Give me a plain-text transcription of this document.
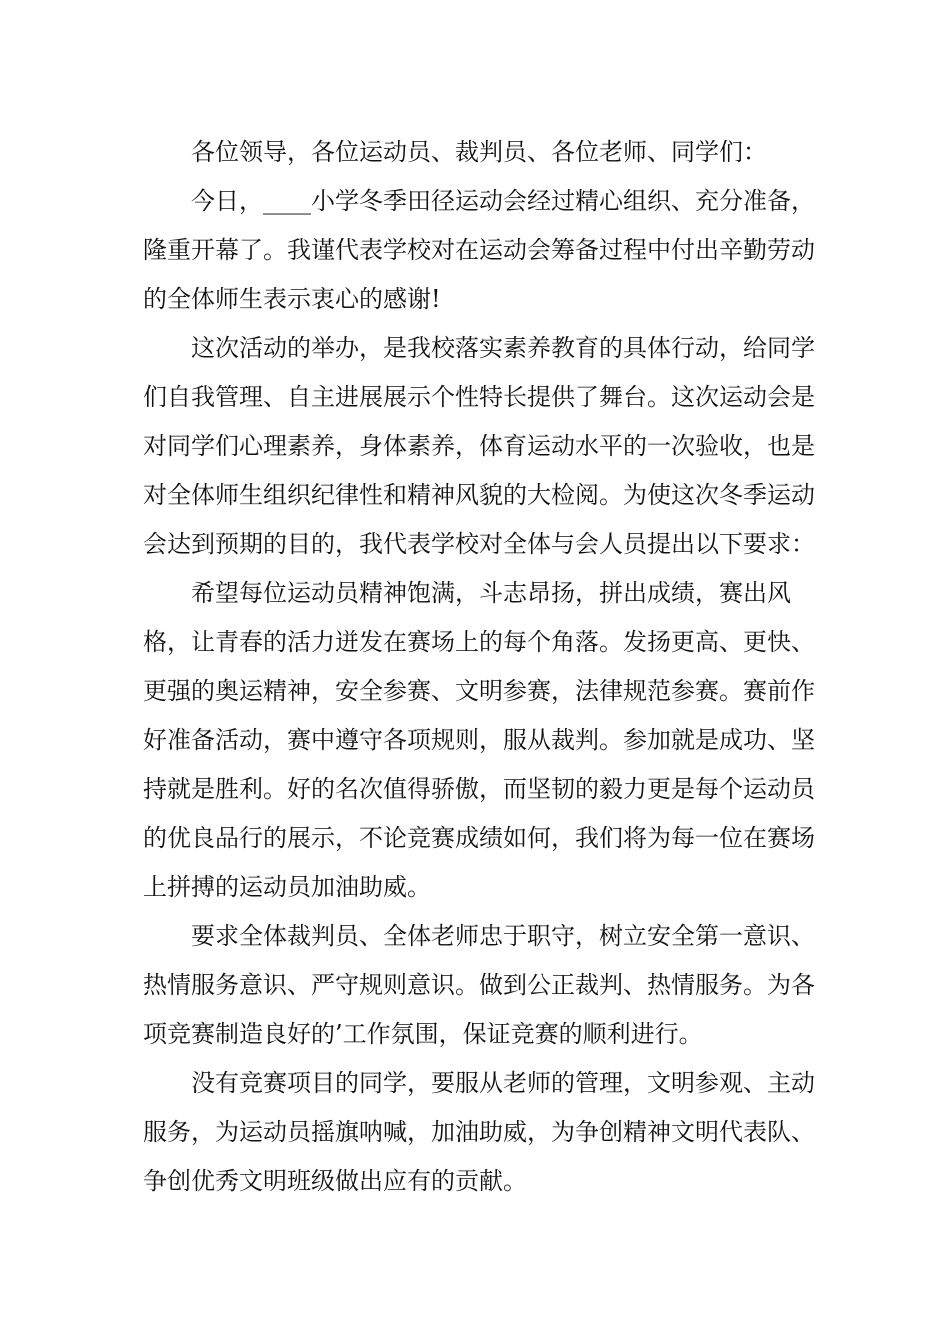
各位领导，各位运动员、裁判员、各位老师、同学们：

今日，____小学冬季田径运动会经过精心组织、充分准备，隆重开幕了。我谨代表学校对在运动会筹备过程中付出辛勤劳动的全体师生表示衷心的感谢!

这次活动的举办，是我校落实素养教育的具体行动，给同学们自我管理、自主进展展示个性特长提供了舞台。这次运动会是对同学们心理素养，身体素养，体育运动水平的一次验收，也是对全体师生组织纪律性和精神风貌的大检阅。为使这次冬季运动会达到预期的目的，我代表学校对全体与会人员提出以下要求：

希望每位运动员精神饱满，斗志昂扬，拼出成绩，赛出风格，让青春的活力迸发在赛场上的每个角落。发扬更高、更快、更强的奥运精神，安全参赛、文明参赛，法律规范参赛。赛前作好准备活动，赛中遵守各项规则，服从裁判。参加就是成功、坚持就是胜利。好的名次值得骄傲，而坚韧的毅力更是每个运动员的优良品行的展示，不论竞赛成绩如何，我们将为每一位在赛场上拼搏的运动员加油助威。

要求全体裁判员、全体老师忠于职守，树立安全第一意识、热情服务意识、严守规则意识。做到公正裁判、热情服务。为各项竞赛制造良好的’工作氛围，保证竞赛的顺利进行。

没有竞赛项目的同学，要服从老师的管理，文明参观、主动服务，为运动员摇旗呐喊，加油助威，为争创精神文明代表队、争创优秀文明班级做出应有的贡献。
